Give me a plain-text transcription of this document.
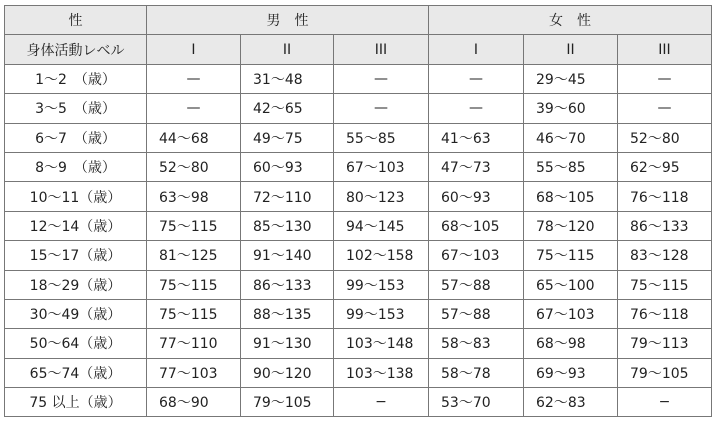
性	男　性			女　性		
身体活動レベル	I	II	III	I	II	III
1～2　（歳）	—	31～48	—	—	29～45	—
3～5　（歳）	—	42～65	—	—	39～60	—
6～7　（歳）	44～68	49～75	55～85	41～63	46～70	52～80
8～9　（歳）	52～80	60～93	67～103	47～73	55～85	62～95
10～11（歳）	63～98	72～110	80～123	60～93	68～105	76～118
12～14（歳）	75～115	85～130	94～145	68～105	78～120	86～133
15～17（歳）	81～125	91～140	102～158	67～103	75～115	83～128
18～29（歳）	75～115	86～133	99～153	57～88	65～100	75～115
30～49（歳）	75～115	88～135	99～153	57～88	67～103	76～118
50～64（歳）	77～110	91～130	103～148	58～83	68～98	79～113
65～74（歳）	77～103	90～120	103～138	58～78	69～93	79～105
75 以上（歳）	68～90	79～105	−	53～70	62～83	−
